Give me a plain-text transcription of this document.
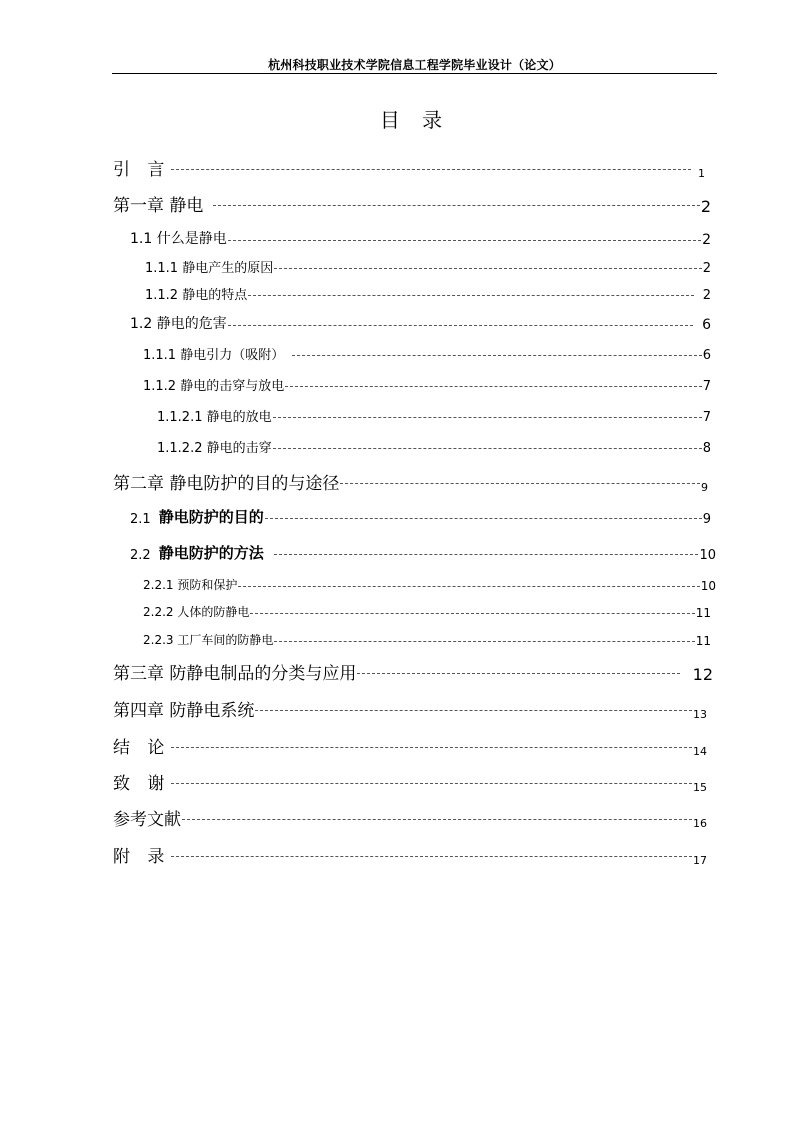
杭州科技职业技术学院信息工程学院毕业设计（论文）
目 录
引 言	1
第一章 静电	2
1.1 什么是静电	2
1.1.1 静电产生的原因	2
1.1.2 静电的特点	2
1.2 静电的危害	6
1.1.1 静电引力（吸附）	6
1.1.2 静电的击穿与放电	7
1.1.2.1 静电的放电	7
1.1.2.2 静电的击穿	8
第二章 静电防护的目的与途径	9
2.1 静电防护的目的	9
2.2 静电防护的方法	10
2.2.1 预防和保护	10
2.2.2 人体的防静电	11
2.2.3 工厂车间的防静电	11
第三章 防静电制品的分类与应用	12
第四章 防静电系统	13
结 论	14
致 谢	15
参考文献	16
附 录	17
